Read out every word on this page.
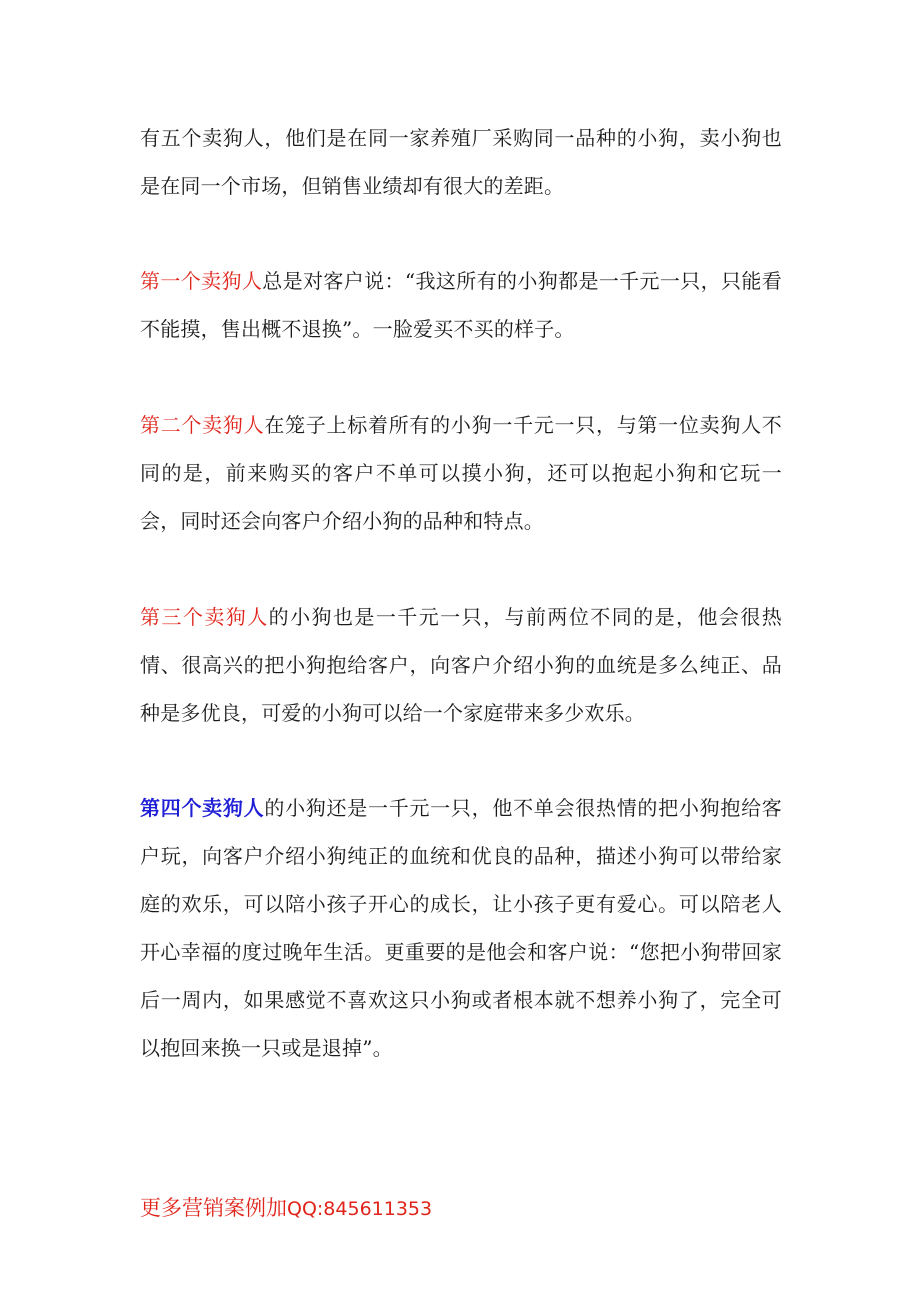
有五个卖狗人，他们是在同一家养殖厂采购同一品种的小狗，卖小狗也是在同一个市场，但销售业绩却有很大的差距。

第一个卖狗人总是对客户说：“我这所有的小狗都是一千元一只，只能看不能摸，售出概不退换”。一脸爱买不买的样子。

第二个卖狗人在笼子上标着所有的小狗一千元一只，与第一位卖狗人不同的是，前来购买的客户不单可以摸小狗，还可以抱起小狗和它玩一会，同时还会向客户介绍小狗的品种和特点。

第三个卖狗人的小狗也是一千元一只，与前两位不同的是，他会很热情、很高兴的把小狗抱给客户，向客户介绍小狗的血统是多么纯正、品种是多优良，可爱的小狗可以给一个家庭带来多少欢乐。

第四个卖狗人的小狗还是一千元一只，他不单会很热情的把小狗抱给客户玩，向客户介绍小狗纯正的血统和优良的品种，描述小狗可以带给家庭的欢乐，可以陪小孩子开心的成长，让小孩子更有爱心。可以陪老人开心幸福的度过晚年生活。更重要的是他会和客户说：“您把小狗带回家后一周内，如果感觉不喜欢这只小狗或者根本就不想养小狗了，完全可以抱回来换一只或是退掉”。

更多营销案例加QQ:845611353
